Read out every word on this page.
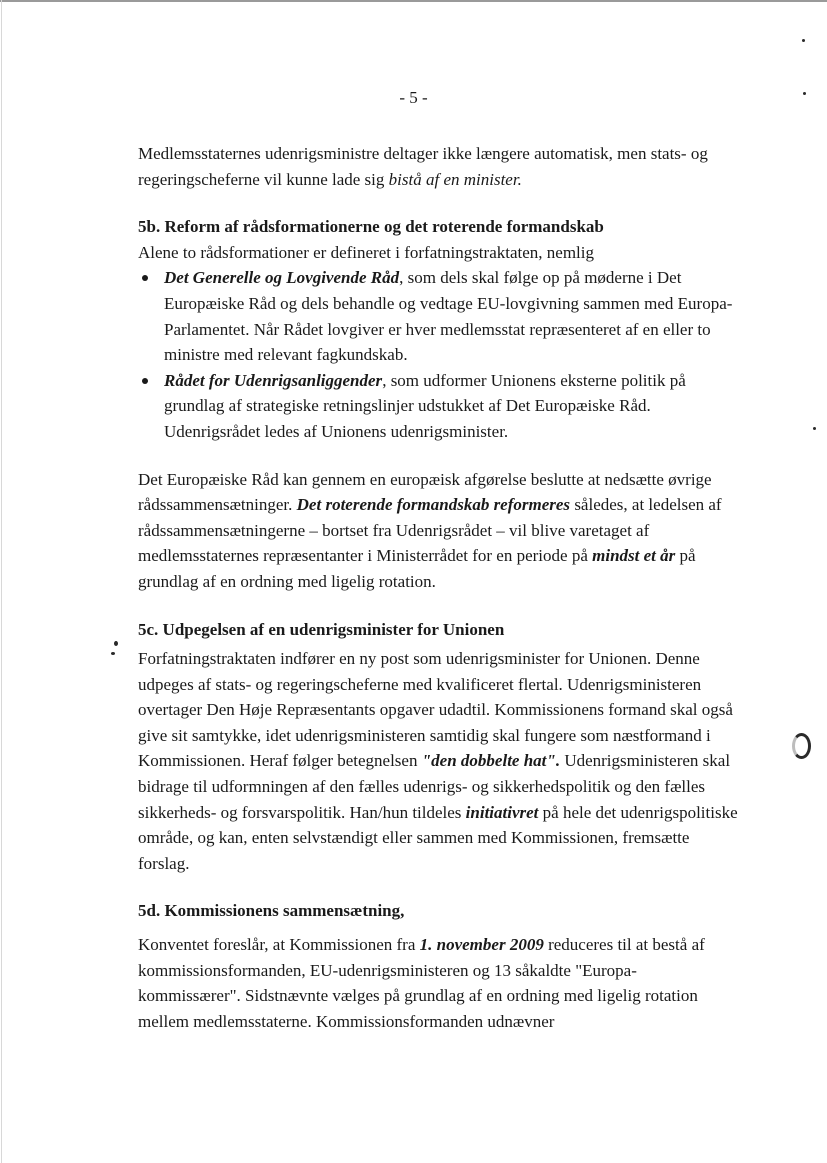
- 5 -

Medlemsstaternes udenrigsministre deltager ikke længere automatisk, men stats- og regeringscheferne vil kunne lade sig bistå af en minister.

5b. Reform af rådsformationerne og det roterende formandskab

Alene to rådsformationer er defineret i forfatningstraktaten, nemlig

Det Generelle og Lovgivende Råd, som dels skal følge op på møderne i Det Europæiske Råd og dels behandle og vedtage EU-lovgivning sammen med Europa-Parlamentet. Når Rådet lovgiver er hver medlemsstat repræsenteret af en eller to ministre med relevant fagkundskab.
Rådet for Udenrigsanliggender, som udformer Unionens eksterne politik på grundlag af strategiske retningslinjer udstukket af Det Europæiske Råd. Udenrigsrådet ledes af Unionens udenrigsminister.

Det Europæiske Råd kan gennem en europæisk afgørelse beslutte at nedsætte øvrige rådssammensætninger. Det roterende formandskab reformeres således, at ledelsen af rådssammensætningerne – bortset fra Udenrigsrådet – vil blive varetaget af medlemsstaternes repræsentanter i Ministerrådet for en periode på mindst et år på grundlag af en ordning med ligelig rotation.

5c. Udpegelsen af en udenrigsminister for Unionen

Forfatningstraktaten indfører en ny post som udenrigsminister for Unionen. Denne udpeges af stats- og regeringscheferne med kvalificeret flertal. Udenrigsministeren overtager Den Høje Repræsentants opgaver udadtil. Kommissionens formand skal også give sit samtykke, idet udenrigsministeren samtidig skal fungere som næstformand i Kommissionen. Heraf følger betegnelsen "den dobbelte hat". Udenrigsministeren skal bidrage til udformningen af den fælles udenrigs- og sikkerhedspolitik og den fælles sikkerheds- og forsvarspolitik. Han/hun tildeles initiativret på hele det udenrigspolitiske område, og kan, enten selvstændigt eller sammen med Kommissionen, fremsætte forslag.

5d. Kommissionens sammensætning,

Konventet foreslår, at Kommissionen fra 1. november 2009 reduceres til at bestå af kommissionsformanden, EU-udenrigsministeren og 13 såkaldte "Europa-kommissærer". Sidstnævnte vælges på grundlag af en ordning med ligelig rotation mellem medlemsstaterne. Kommissionsformanden udnævner
